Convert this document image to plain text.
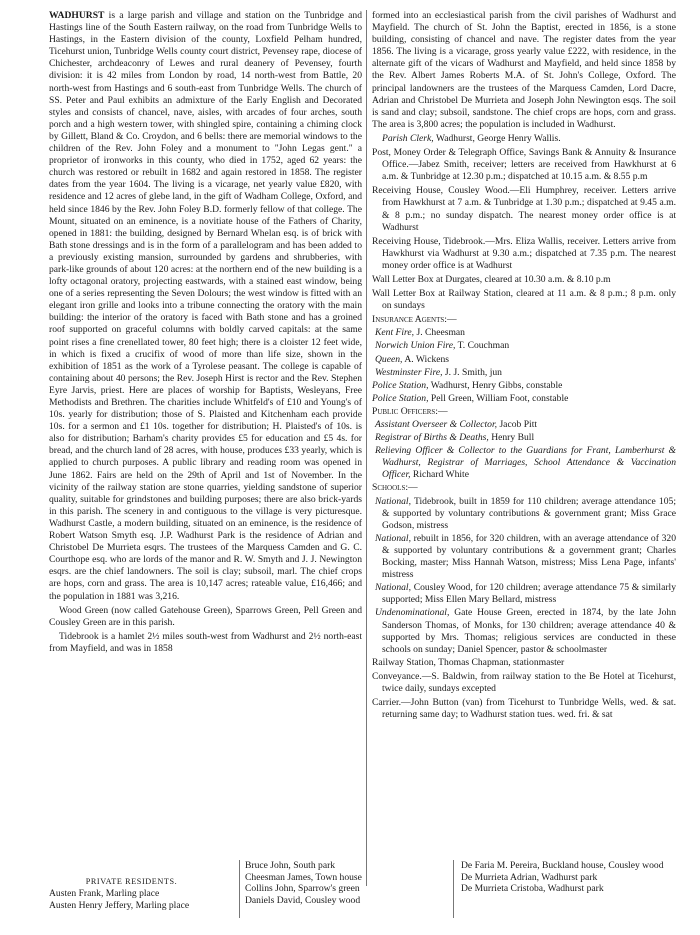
WADHURST is a large parish and village and station on the Tunbridge and Hastings line of the South Eastern railway, on the road from Tunbridge Wells to Hastings, in the Eastern division of the county, Loxfield Pelham hundred, Ticehurst union, Tunbridge Wells county court district, Pevensey rape, diocese of Chichester, archdeaconry of Lewes and rural deanery of Pevensey, fourth division: it is 42 miles from London by road, 14 north-west from Battle, 20 north-west from Hastings and 6 south-east from Tunbridge Wells. The church of SS. Peter and Paul exhibits an admixture of the Early English and Decorated styles and consists of chancel, nave, aisles, with arcades of four arches, south porch and a high western tower, with shingled spire, containing a chiming clock by Gillett, Bland & Co. Croydon, and 6 bells: there are memorial windows to the children of the Rev. John Foley and a monument to "John Legas gent." a proprietor of ironworks in this county, who died in 1752, aged 62 years: the church was restored or rebuilt in 1682 and again restored in 1858. The register dates from the year 1604. The living is a vicarage, net yearly value £820, with residence and 12 acres of glebe land, in the gift of Wadham College, Oxford, and held since 1846 by the Rev. John Foley B.D. formerly fellow of that college. The Mount, situated on an eminence, is a novitiate house of the Fathers of Charity, opened in 1881: the building, designed by Bernard Whelan esq. is of brick with Bath stone dressings and is in the form of a parallelogram and has been added to a previously existing mansion, surrounded by gardens and shrubberies, with park-like grounds of about 120 acres: at the northern end of the new building is a lofty octagonal oratory, projecting eastwards, with a stained east window, being one of a series representing the Seven Dolours; the west window is fitted with an elegant iron grille and looks into a tribune connecting the oratory with the main building: the interior of the oratory is faced with Bath stone and has a groined roof supported on graceful columns with boldly carved capitals: at the same point rises a fine crenellated tower, 80 feet high; there is a cloister 12 feet wide, in which is fixed a crucifix of wood of more than life size, shown in the exhibition of 1851 as the work of a Tyrolese peasant. The college is capable of containing about 40 persons; the Rev. Joseph Hirst is rector and the Rev. Stephen Eyre Jarvis, priest. Here are places of worship for Baptists, Wesleyans, Free Methodists and Brethren. The charities include Whitfeld's of £10 and Young's of 10s. yearly for distribution; those of S. Plaisted and Kitchenham each provide 10s. for a sermon and £1 10s. together for distribution; H. Plaisted's of 10s. is also for distribution; Barham's charity provides £5 for education and £5 4s. for bread, and the church land of 28 acres, with house, produces £33 yearly, which is applied to church purposes. A public library and reading room was opened in June 1862. Fairs are held on the 29th of April and 1st of November. In the vicinity of the railway station are stone quarries, yielding sandstone of superior quality, suitable for grindstones and building purposes; there are also brick-yards in this parish. The scenery in and contiguous to the village is very picturesque. Wadhurst Castle, a modern building, situated on an eminence, is the residence of Robert Watson Smyth esq. J.P. Wadhurst Park is the residence of Adrian and Christobel De Murrieta esqrs. The trustees of the Marquess Camden and G. C. Courthope esq. who are lords of the manor and R. W. Smyth and J. J. Newington esqrs. are the chief landowners. The soil is clay; subsoil, marl. The chief crops are hops, corn and grass. The area is 10,147 acres; rateable value, £16,466; and the population in 1881 was 3,216.

Wood Green (now called Gatehouse Green), Sparrows Green, Pell Green and Cousley Green are in this parish.

Tidebrook is a hamlet 2½ miles south-west from Wadhurst and 2½ north-east from Mayfield, and was in 1858

formed into an ecclesiastical parish from the civil parishes of Wadhurst and Mayfield. The church of St. John the Baptist, erected in 1856, is a stone building, consisting of chancel and nave. The register dates from the year 1856. The living is a vicarage, gross yearly value £222, with residence, in the alternate gift of the vicars of Wadhurst and Mayfield, and held since 1858 by the Rev. Albert James Roberts M.A. of St. John's College, Oxford. The principal landowners are the trustees of the Marquess Camden, Lord Dacre, Adrian and Christobel De Murrieta and Joseph John Newington esqs. The soil is sand and clay; subsoil, sandstone. The chief crops are hops, corn and grass. The area is 3,800 acres; the population is included in Wadhurst.

Parish Clerk, Wadhurst, George Henry Wallis.

Post, Money Order & Telegraph Office, Savings Bank & Annuity & Insurance Office.—Jabez Smith, receiver; letters are received from Hawkhurst at 6 a.m. & Tunbridge at 12.30 p.m.; dispatched at 10.15 a.m. & 8.55 p.m

Receiving House, Cousley Wood.—Eli Humphrey, receiver. Letters arrive from Hawkhurst at 7 a.m. & Tunbridge at 1.30 p.m.; dispatched at 9.45 a.m. & 8 p.m.; no sunday dispatch. The nearest money order office is at Wadhurst

Receiving House, Tidebrook.—Mrs. Eliza Wallis, receiver. Letters arrive from Hawkhurst via Wadhurst at 9.30 a.m.; dispatched at 7.35 p.m. The nearest money order office is at Wadhurst

Wall Letter Box at Durgates, cleared at 10.30 a.m. & 8.10 p.m

Wall Letter Box at Railway Station, cleared at 11 a.m. & 8 p.m.; 8 p.m. only on sundays

Insurance Agents:—

Kent Fire, J. Cheesman
Norwich Union Fire, T. Couchman
Queen, A. Wickens
Westminster Fire, J. J. Smith, jun
Police Station, Wadhurst, Henry Gibbs, constable
Police Station, Pell Green, William Foot, constable

Public Officers:—

Assistant Overseer & Collector, Jacob Pitt
Registrar of Births & Deaths, Henry Bull
Relieving Officer & Collector to the Guardians for Frant, Lamberhurst & Wadhurst, Registrar of Marriages, School Attendance & Vaccination Officer, Richard White

Schools:—

National, Tidebrook, built in 1859 for 110 children; average attendance 105; & supported by voluntary contributions & government grant; Miss Grace Godson, mistress
National, rebuilt in 1856, for 320 children, with an average attendance of 320 & supported by voluntary contributions & a government grant; Charles Bocking, master; Miss Hannah Watson, mistress; Miss Lena Page, infants' mistress
National, Cousley Wood, for 120 children; average attendance 75 & similarly supported; Miss Ellen Mary Bellard, mistress
Undenominational, Gate House Green, erected in 1874, by the late John Sanderson Thomas, of Monks, for 130 children; average attendance 40 & supported by Mrs. Thomas; religious services are conducted in these schools on sunday; Daniel Spencer, pastor & schoolmaster

Railway Station, Thomas Chapman, stationmaster

Conveyance.—S. Baldwin, from railway station to the Be Hotel at Ticehurst, twice daily, sundays excepted

Carrier.—John Button (van) from Ticehurst to Tunbridge Wells, wed. & sat. returning same day; to Wadhurst station tues. wed. fri. & sat

PRIVATE RESIDENTS.
Austen Frank, Marling place
Austen Henry Jeffery, Marling place
Bruce John, South park
Cheesman James, Town house
Collins John, Sparrow's green
Daniels David, Cousley wood
De Faria M. Pereira, Buckland house, Cousley wood
De Murrieta Adrian, Wadhurst park
De Murrieta Cristoba, Wadhurst park
